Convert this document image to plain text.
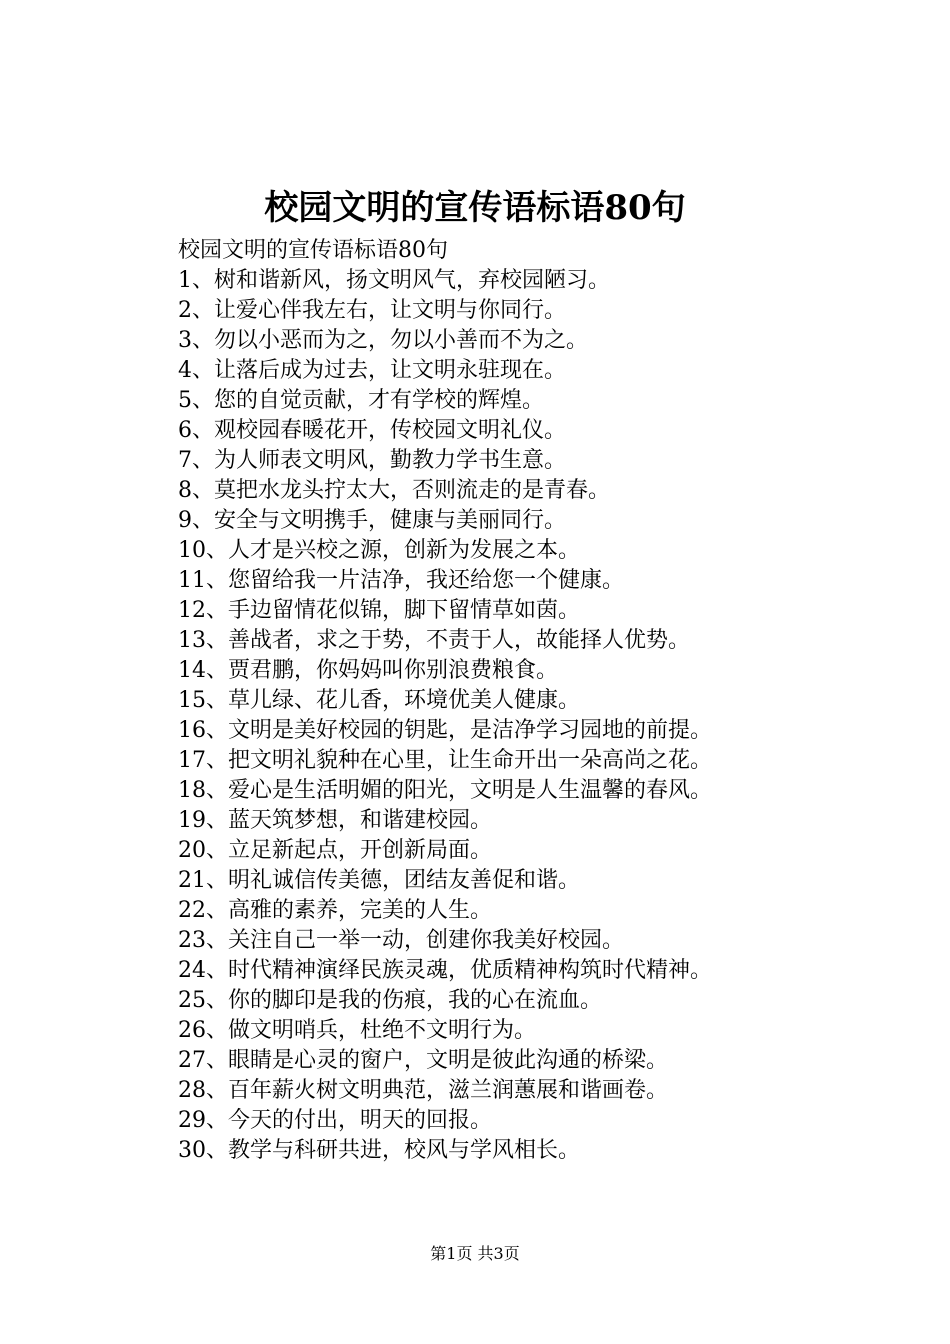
校园文明的宣传语标语80句

校园文明的宣传语标语80句

1、树和谐新风，扬文明风气，弃校园陋习。
2、让爱心伴我左右，让文明与你同行。
3、勿以小恶而为之，勿以小善而不为之。
4、让落后成为过去，让文明永驻现在。
5、您的自觉贡献，才有学校的辉煌。
6、观校园春暖花开，传校园文明礼仪。
7、为人师表文明风，勤教力学书生意。
8、莫把水龙头拧太大，否则流走的是青春。
9、安全与文明携手，健康与美丽同行。
10、人才是兴校之源，创新为发展之本。
11、您留给我一片洁净，我还给您一个健康。
12、手边留情花似锦，脚下留情草如茵。
13、善战者，求之于势，不责于人，故能择人优势。
14、贾君鹏，你妈妈叫你别浪费粮食。
15、草儿绿、花儿香，环境优美人健康。
16、文明是美好校园的钥匙，是洁净学习园地的前提。
17、把文明礼貌种在心里，让生命开出一朵高尚之花。
18、爱心是生活明媚的阳光，文明是人生温馨的春风。
19、蓝天筑梦想，和谐建校园。
20、立足新起点，开创新局面。
21、明礼诚信传美德，团结友善促和谐。
22、高雅的素养，完美的人生。
23、关注自己一举一动，创建你我美好校园。
24、时代精神演绎民族灵魂，优质精神构筑时代精神。
25、你的脚印是我的伤痕，我的心在流血。
26、做文明哨兵，杜绝不文明行为。
27、眼睛是心灵的窗户，文明是彼此沟通的桥梁。
28、百年薪火树文明典范，滋兰润蕙展和谐画卷。
29、今天的付出，明天的回报。
30、教学与科研共进，校风与学风相长。
第1页 共3页
